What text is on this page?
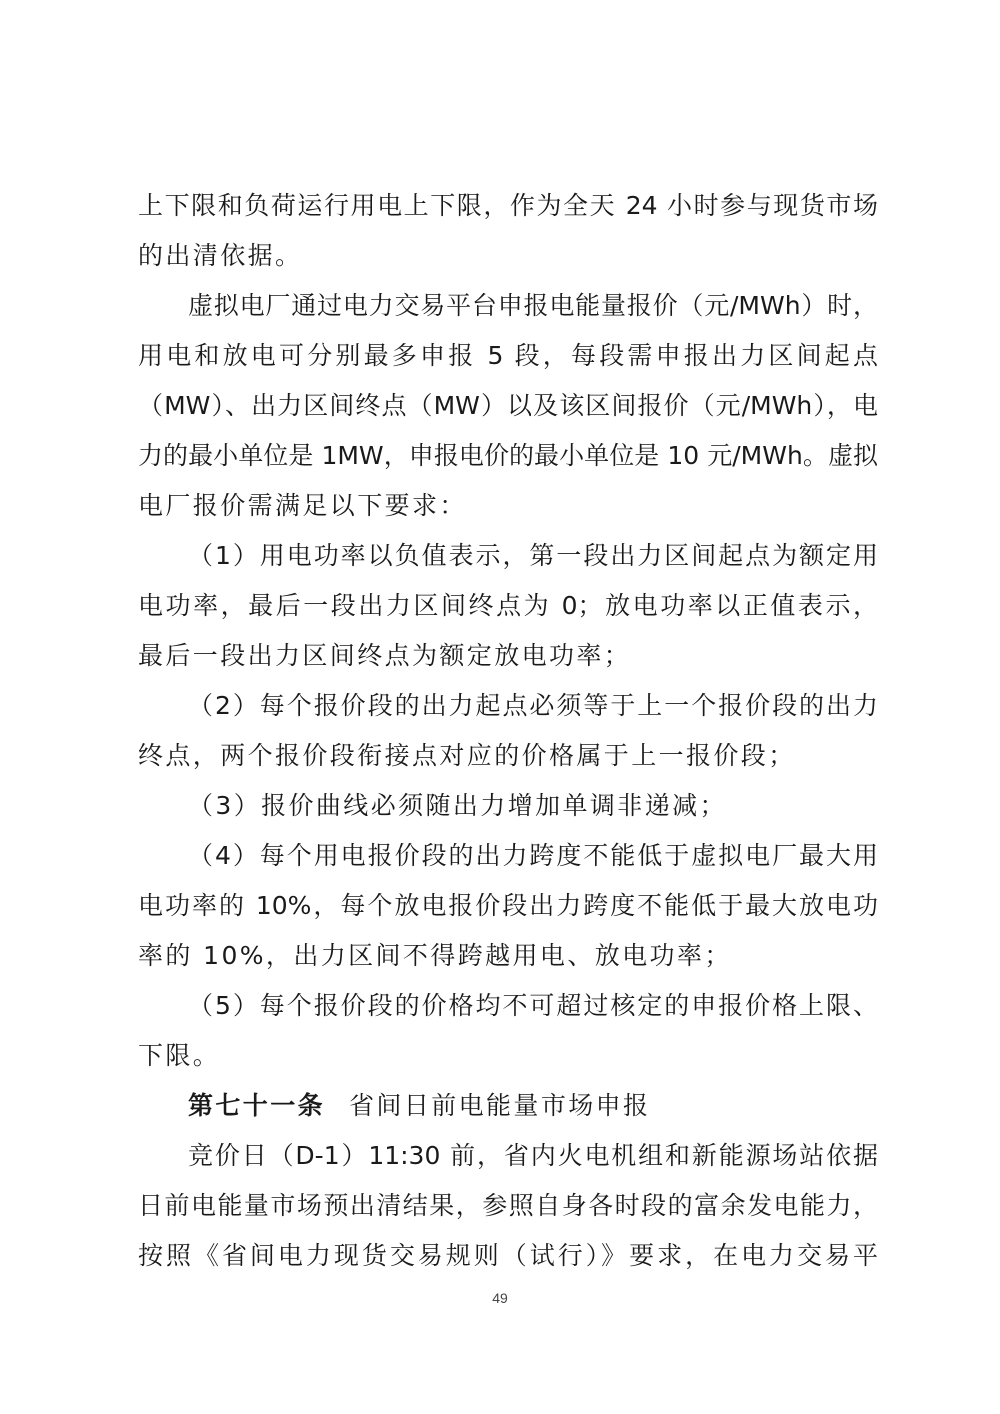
上下限和负荷运行用电上下限，作为全天 24 小时参与现货市场
的出清依据。
虚拟电厂通过电力交易平台申报电能量报价（元/MWh）时，
用电和放电可分别最多申报 5 段，每段需申报出力区间起点
（MW）、出力区间终点（MW）以及该区间报价（元/MWh），电
力的最小单位是 1MW，申报电价的最小单位是 10 元/MWh。虚拟
电厂报价需满足以下要求：
（1）用电功率以负值表示，第一段出力区间起点为额定用
电功率，最后一段出力区间终点为 0；放电功率以正值表示，
最后一段出力区间终点为额定放电功率；
（2）每个报价段的出力起点必须等于上一个报价段的出力
终点，两个报价段衔接点对应的价格属于上一报价段；
（3）报价曲线必须随出力增加单调非递减；
（4）每个用电报价段的出力跨度不能低于虚拟电厂最大用
电功率的 10%，每个放电报价段出力跨度不能低于最大放电功
率的 10%，出力区间不得跨越用电、放电功率；
（5）每个报价段的价格均不可超过核定的申报价格上限、
下限。
第七十一条 省间日前电能量市场申报
竞价日（D-1）11:30 前，省内火电机组和新能源场站依据
日前电能量市场预出清结果，参照自身各时段的富余发电能力，
按照《省间电力现货交易规则（试行）》要求，在电力交易平
49
